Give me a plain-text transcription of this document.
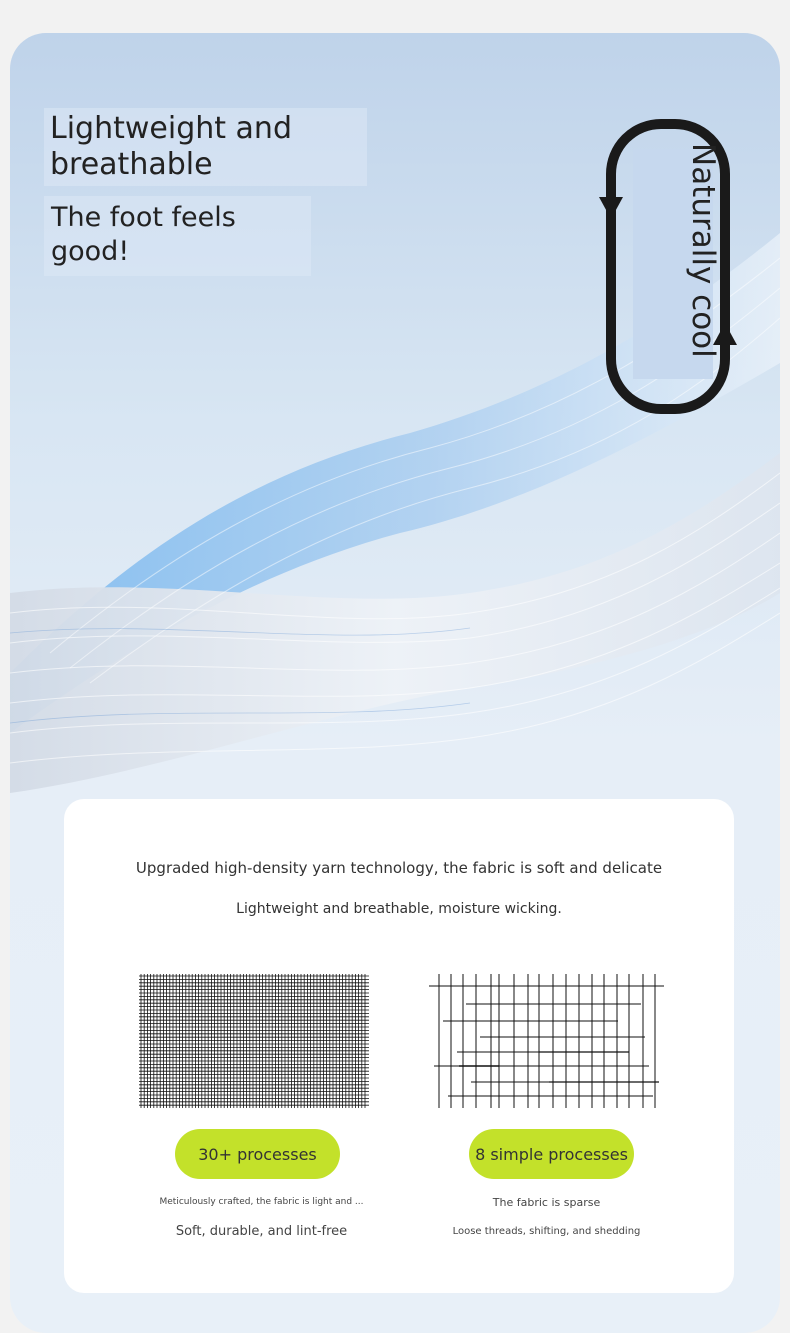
Lightweight and breathable

The foot feels good!	Naturally cool

Upgraded high-density yarn technology, the fabric is soft and delicate

Lightweight and breathable, moisture wicking.

30+ processes	8 simple processes

Meticulously crafted, the fabric is light and ...

Soft, durable, and lint-free

The fabric is sparse

Loose threads, shifting, and shedding
